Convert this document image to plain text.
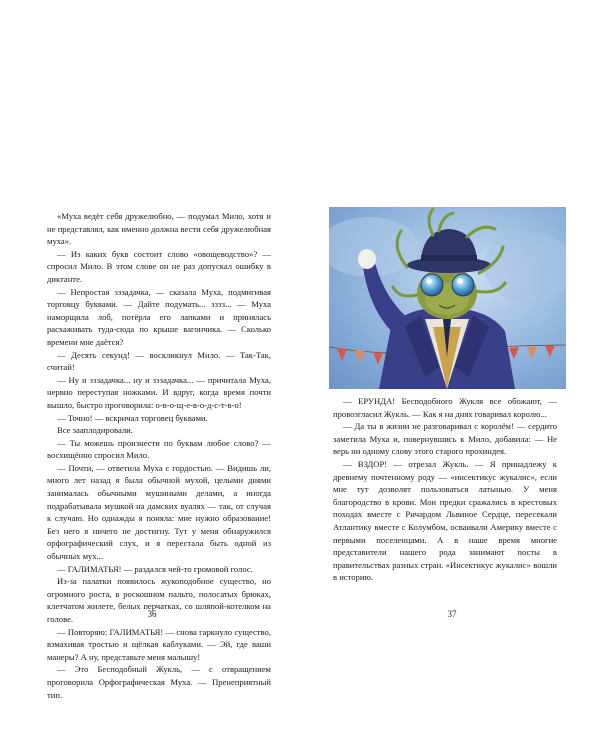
«Муха ведёт себя дружелюбно, — подумал Мило, хотя и не представлял, как именно должна вести себя дружелюбная муха».

— Из каких букв состоит слово «овощеводство»? — спросил Мило. В этом слове он не раз допускал ошибку в диктанте.

— Непростая зззадачка, — сказала Муха, подмигивая торговцу буквами. — Дайте подумать... зззз... — Муха наморщила лоб, потёрла его лапками и принялась расхаживать туда-сюда по крыше вагончика. — Сколько времени мне даётся?

— Десять секунд! — воскликнул Мило. — Так-Так, считай!

— Ну и зззадачка... ну и зззадачка... — причитала Муха, нервно переступая ножками. И вдруг, когда время почти вышло, быстро проговорила: о-в-о-щ-е-в-о-д-с-т-в-о!

— Точно! — вскричал торговец буквами.

Все зааплодировали.

— Ты можешь произнести по буквам любое слово? — восхищённо спросил Мило.

— Почти, — ответила Муха с гордостью. — Видишь ли, много лет назад я была обычной мухой, целыми днями занималась обычными мушиными делами, а иногда подрабатывала мушкой на дамских вуалях — так, от случая к случаю. Но однажды я поняла: мне нужно образование! Без него я ничего не достигну. Тут у меня обнаружился орфографический слух, и я перестала быть одной из обычных мух...

— ГАЛИМАТЬЯ! — раздался чей-то громовой голос.

Из-за палатки появилось жукоподобное существо, но огромного роста, в роскошном пальто, полосатых брюках, клетчатом жилете, белых перчатках, со шляпой-котелком на голове.

— Повторяю: ГАЛИМАТЬЯ! — снова гаркнуло существо, взмахивая тростью и щёлкая каблуками. — Эй, где ваши манеры? А ну, представьте меня малышу!

— Это Бесподобный Жукль, — с отвращением проговорила Орфографическая Муха. — Пренеприятный тип.

36

— ЕРУНДА! Бесподобного Жукля все обожают, — провозгласил Жукль. — Как я на днях говаривал королю...

— Да ты в жизни не разговаривал с королём! — сердито заметила Муха и, повернувшись к Мило, добавила: — Не верь ни одному слову этого старого прохиндея.

— ВЗДОР! — отрезал Жукль. — Я принадлежу к древнему почтенному роду — «инсектикус жукалис», если мне тут дозволят пользоваться латынью. У меня благородство в крови. Мои предки сражались в крестовых походах вместе с Ричардом Львиное Сердце, пересекали Атлантику вместе с Колумбом, осваивали Америку вместе с первыми поселенцами. А в наше время многие представители нашего рода занимают посты в правительствах разных стран. «Инсектикус жукалис» вошли в историю.

37
